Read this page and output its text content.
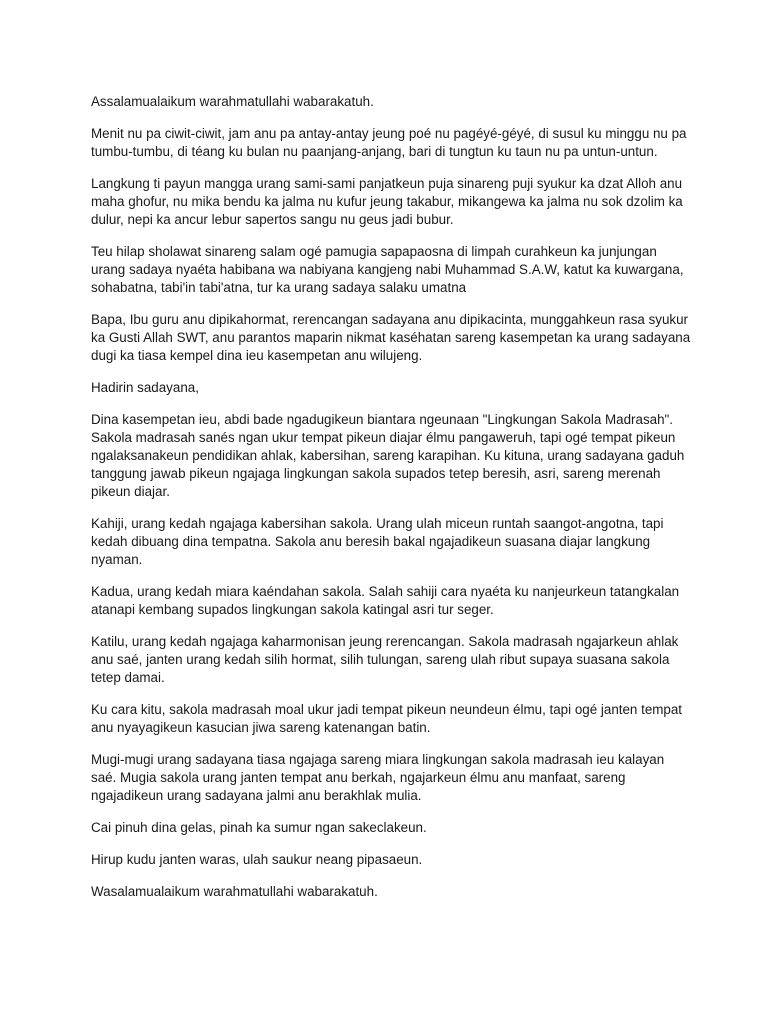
Assalamualaikum warahmatullahi wabarakatuh.

Menit nu pa ciwit-ciwit, jam anu pa antay-antay jeung poé nu pagéyé-géyé, di susul ku minggu nu pa tumbu-tumbu, di téang ku bulan nu paanjang-anjang, bari di tungtun ku taun nu pa untun-untun.

Langkung ti payun mangga urang sami-sami panjatkeun puja sinareng puji syukur ka dzat Alloh anu maha ghofur, nu mika bendu ka jalma nu kufur jeung takabur, mikangewa ka jalma nu sok dzolim ka dulur, nepi ka ancur lebur sapertos sangu nu geus jadi bubur.

Teu hilap sholawat sinareng salam ogé pamugia sapapaosna di limpah curahkeun ka junjungan urang sadaya nyaéta habibana wa nabiyana kangjeng nabi Muhammad S.A.W, katut ka kuwargana, sohabatna, tabi'in tabi'atna, tur ka urang sadaya salaku umatna

Bapa, Ibu guru anu dipikahormat, rerencangan sadayana anu dipikacinta, munggahkeun rasa syukur ka Gusti Allah SWT, anu parantos maparin nikmat kaséhatan sareng kasempetan ka urang sadayana dugi ka tiasa kempel dina ieu kasempetan anu wilujeng.

Hadirin sadayana,

Dina kasempetan ieu, abdi bade ngadugikeun biantara ngeunaan "Lingkungan Sakola Madrasah". Sakola madrasah sanés ngan ukur tempat pikeun diajar élmu pangaweruh, tapi ogé tempat pikeun ngalaksanakeun pendidikan ahlak, kabersihan, sareng karapihan. Ku kituna, urang sadayana gaduh tanggung jawab pikeun ngajaga lingkungan sakola supados tetep beresih, asri, sareng merenah pikeun diajar.

Kahiji, urang kedah ngajaga kabersihan sakola. Urang ulah miceun runtah saangot-angotna, tapi kedah dibuang dina tempatna. Sakola anu beresih bakal ngajadikeun suasana diajar langkung nyaman.

Kadua, urang kedah miara kaéndahan sakola. Salah sahiji cara nyaéta ku nanjeurkeun tatangkalan atanapi kembang supados lingkungan sakola katingal asri tur seger.

Katilu, urang kedah ngajaga kaharmonisan jeung rerencangan. Sakola madrasah ngajarkeun ahlak anu saé, janten urang kedah silih hormat, silih tulungan, sareng ulah ribut supaya suasana sakola tetep damai.

Ku cara kitu, sakola madrasah moal ukur jadi tempat pikeun neundeun élmu, tapi ogé janten tempat anu nyayagikeun kasucian jiwa sareng katenangan batin.

Mugi-mugi urang sadayana tiasa ngajaga sareng miara lingkungan sakola madrasah ieu kalayan saé. Mugia sakola urang janten tempat anu berkah, ngajarkeun élmu anu manfaat, sareng ngajadikeun urang sadayana jalmi anu berakhlak mulia.

Cai pinuh dina gelas, pinah ka sumur ngan sakeclakeun.

Hirup kudu janten waras, ulah saukur neang pipasaeun.

Wasalamualaikum warahmatullahi wabarakatuh.
